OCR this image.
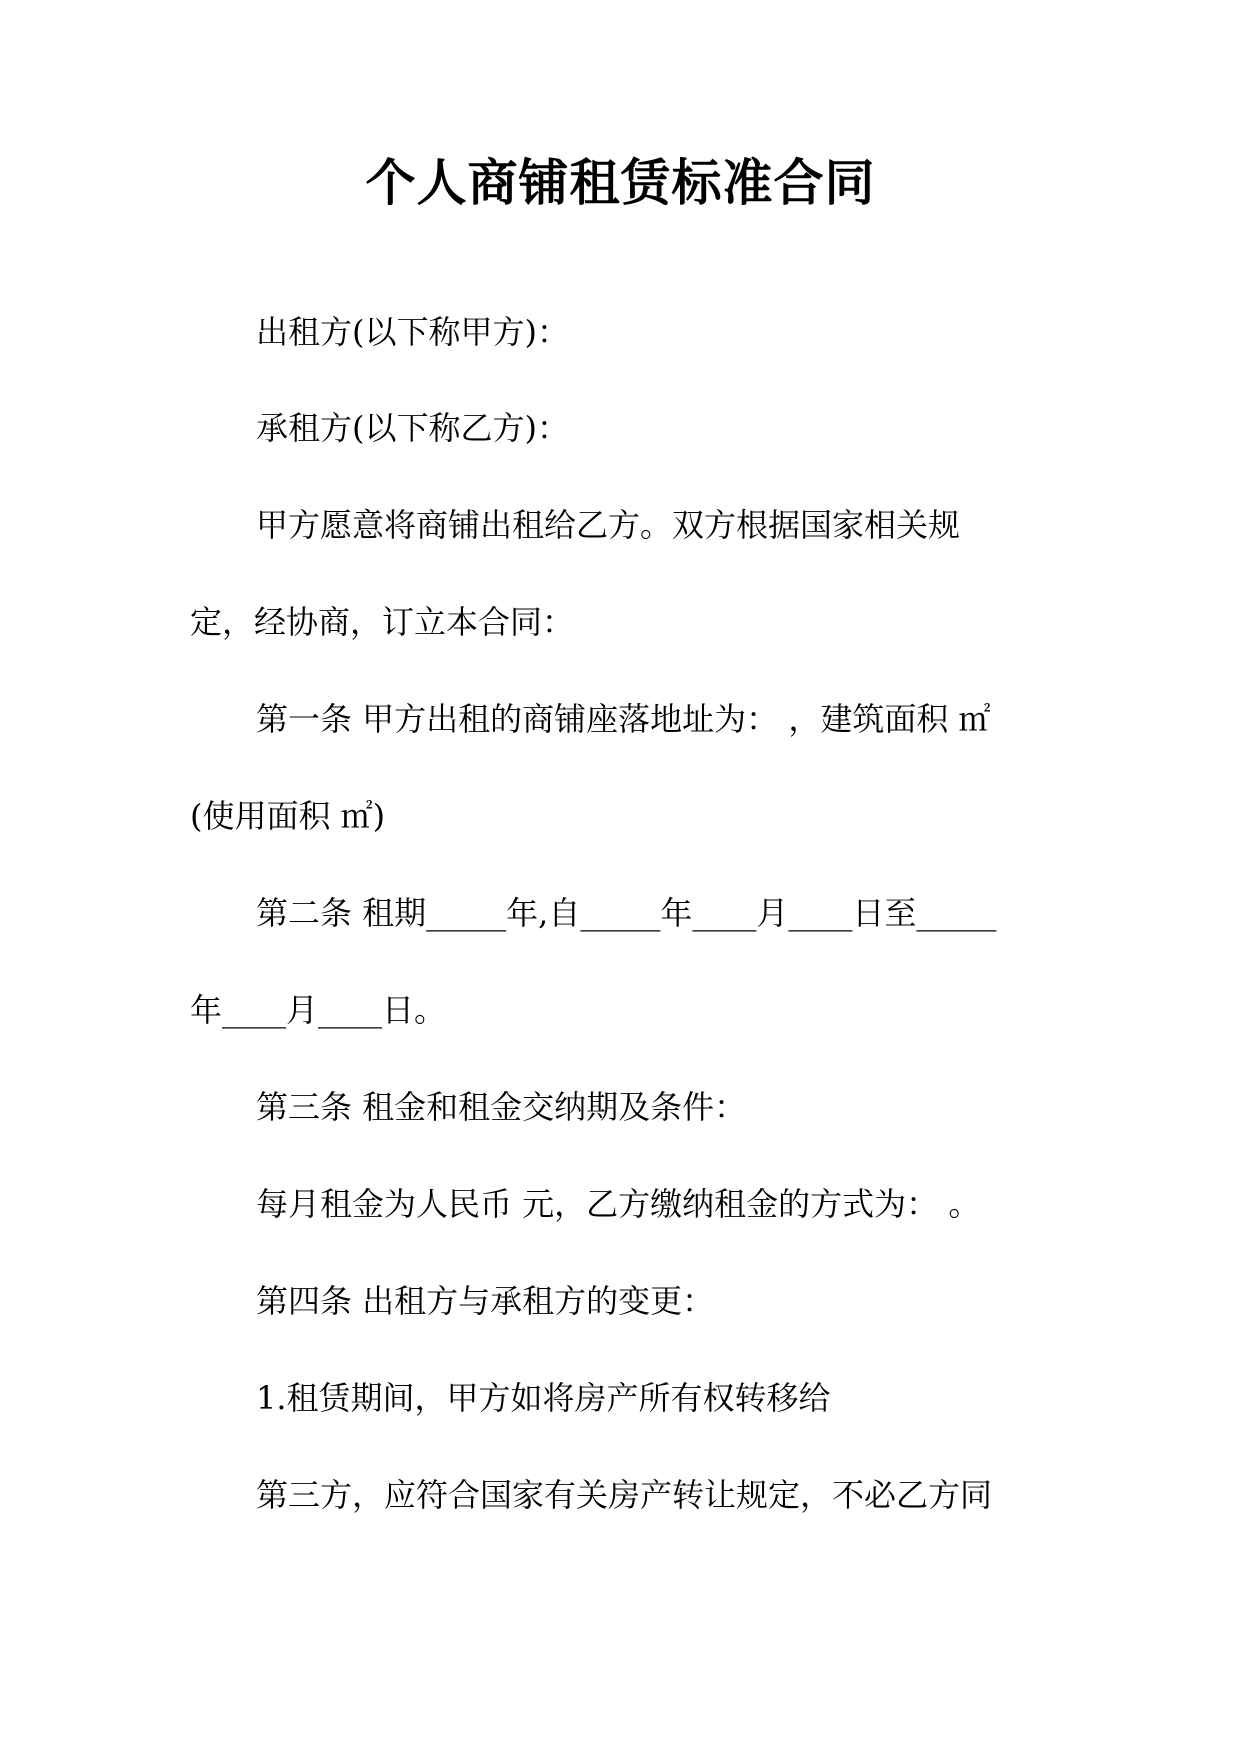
个人商铺租赁标准合同

出租方(以下称甲方)：

承租方(以下称乙方)：

甲方愿意将商铺出租给乙方。双方根据国家相关规

定，经协商，订立本合同：

第一条 甲方出租的商铺座落地址为： ，建筑面积 ㎡

(使用面积 ㎡)

第二条 租期_____年,自_____年____月____日至_____

年____月____日。

第三条 租金和租金交纳期及条件：

每月租金为人民币 元，乙方缴纳租金的方式为： 。

第四条 出租方与承租方的变更：

1.租赁期间，甲方如将房产所有权转移给

第三方，应符合国家有关房产转让规定，不必乙方同
